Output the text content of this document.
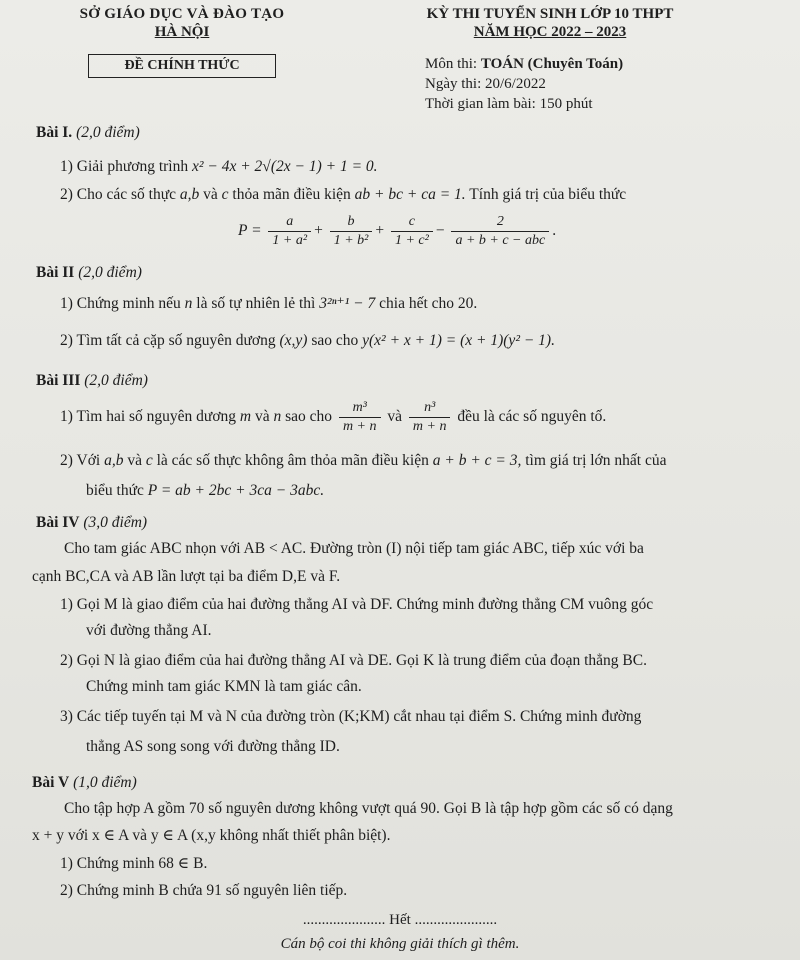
SỞ GIÁO DỤC VÀ ĐÀO TẠO
HÀ NỘI
ĐỀ CHÍNH THỨC
KỲ THI TUYỂN SINH LỚP 10 THPT
NĂM HỌC 2022 – 2023
Môn thi: TOÁN (Chuyên Toán)
Ngày thi: 20/6/2022
Thời gian làm bài: 150 phút
Bài I. (2,0 điểm)
1) Giải phương trình x² − 4x + 2√(2x − 1) + 1 = 0.
2) Cho các số thực a,b và c thỏa mãn điều kiện ab + bc + ca = 1. Tính giá trị của biểu thức
$P = \frac{a}{\text{1 + a²}} + \frac{b}{\text{1 + b²}} + \frac{c}{\text{1 + c²}} - \frac{2}{\text{a + b + c − abc}}$ .
Bài II (2,0 điểm)
1) Chứng minh nếu n là số tự nhiên lẻ thì 3²ⁿ⁺¹ − 7 chia hết cho 20.
2) Tìm tất cả cặp số nguyên dương (x,y) sao cho y(x² + x + 1) = (x + 1)(y² − 1).
Bài III (2,0 điểm)
1) Tìm hai số nguyên dương m và n sao cho $\frac{\text{m³}}{m + n}$ và $\frac{\text{n³}}{m + n}$ đều là các số nguyên tố.
2) Với a,b và c là các số thực không âm thỏa mãn điều kiện a + b + c = 3, tìm giá trị lớn nhất của
biểu thức P = ab + 2bc + 3ca − 3abc.
Bài IV (3,0 điểm)
Cho tam giác ABC nhọn với AB < AC. Đường tròn (I) nội tiếp tam giác ABC, tiếp xúc với ba
cạnh BC,CA và AB lần lượt tại ba điểm D,E và F.
1) Gọi M là giao điểm của hai đường thẳng AI và DF. Chứng minh đường thẳng CM vuông góc
với đường thẳng AI.
2) Gọi N là giao điểm của hai đường thẳng AI và DE. Gọi K là trung điểm của đoạn thẳng BC.
Chứng minh tam giác KMN là tam giác cân.
3) Các tiếp tuyến tại M và N của đường tròn (K;KM) cắt nhau tại điểm S. Chứng minh đường
thẳng AS song song với đường thẳng ID.
Bài V (1,0 điểm)
Cho tập hợp A gồm 70 số nguyên dương không vượt quá 90. Gọi B là tập hợp gồm các số có dạng
x + y với x ∈ A và y ∈ A (x,y không nhất thiết phân biệt).
1) Chứng minh 68 ∈ B.
2) Chứng minh B chứa 91 số nguyên liên tiếp.
...................... Hết ......................
Cán bộ coi thi không giải thích gì thêm.
